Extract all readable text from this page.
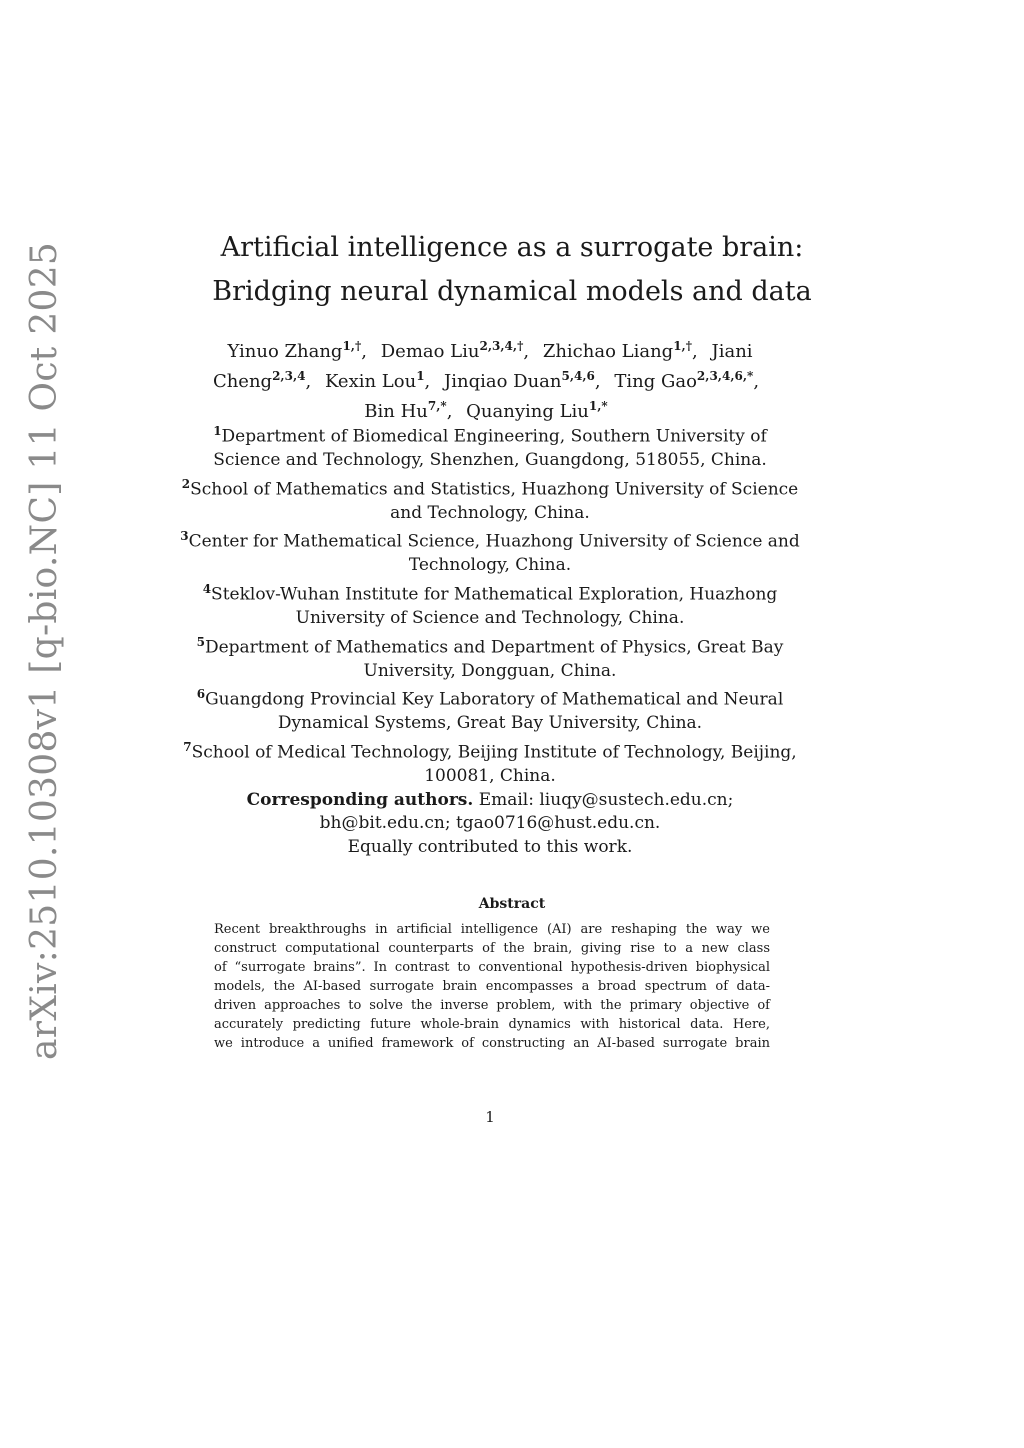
arXiv:2510.10308v1 [q-bio.NC] 11 Oct 2025	Artificial intelligence as a surrogate brain:
Bridging neural dynamical models and data
Yinuo Zhang$^{1,\dagger}$, Demao Liu$^{2,3,4,\dagger}$, Zhichao Liang$^{1,\dagger}$, Jiani Cheng$^{2,3,4}$, Kexin Lou$^1$, Jinqiao Duan$^{5,4,6}$, Ting Gao$^{2,3,4,6,*}$,
Bin $Hu^{7,*}$, Quanying Liu$^{1,*}$
$^1$Department of Biomedical Engineering, Southern University of Science and Technology, Shenzhen, Guangdong, 518055, China.
$^2$School of Mathematics and Statistics, Huazhong University of Science and Technology, China.
$^3$Center for Mathematical Science, Huazhong University of Science and Technology, China.
$^4$Steklov-Wuhan Institute for Mathematical Exploration, Huazhong University of Science and Technology, China.
$^5$Department of Mathematics and Department of Physics, Great Bay University, Dongguan, China.
$^6$Guangdong Provincial Key Laboratory of Mathematical and Neural Dynamical Systems, Great Bay University, China.
$^7$School of Medical Technology, Beijing Institute of Technology, Beijing, 100081, China.
Corresponding authors. Email: liuqy@sustech.edu.cn;
bh@bit.edu.cn; tgao0716@hust.edu.cn.
Equally contributed to this work.
Abstract
Recent breakthroughs in artificial intelligence (AI) are reshaping the way we
construct computational counterparts of the brain, giving rise to a new class
of “surrogate brains”. In contrast to conventional hypothesis-driven biophysical
models, the AI-based surrogate brain encompasses a broad spectrum of data-
driven approaches to solve the inverse problem, with the primary objective of
accurately predicting future whole-brain dynamics with historical data. Here,
we introduce a unified framework of constructing an AI-based surrogate brain
1
